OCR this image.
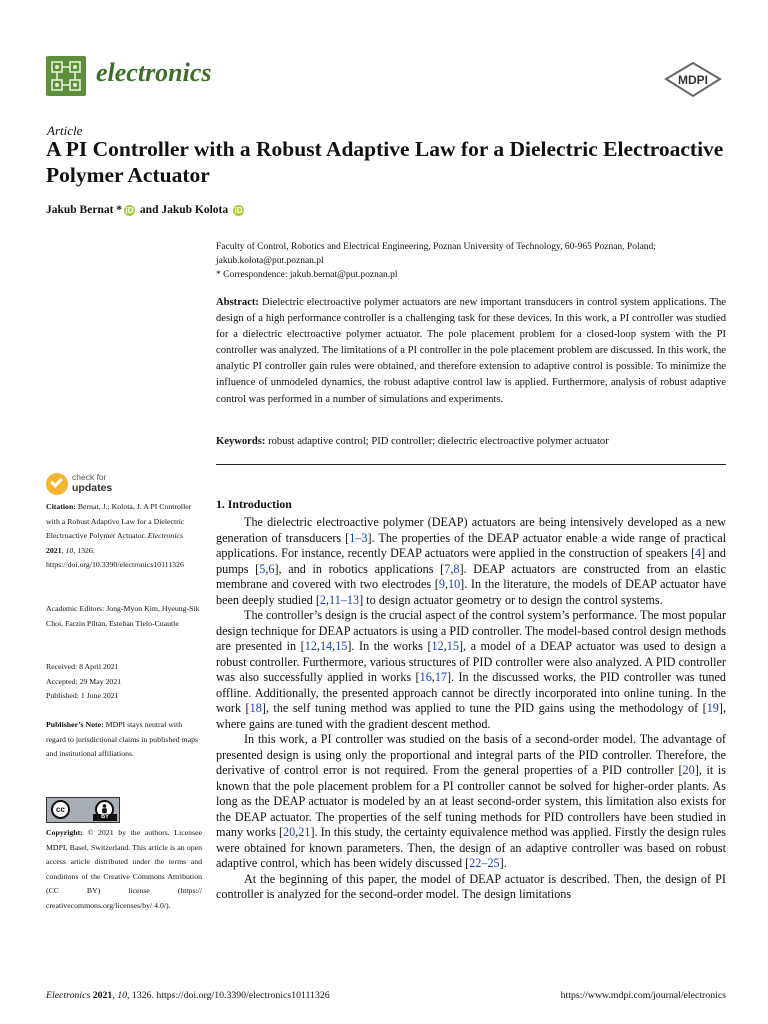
electronics	MDPI
Article
A PI Controller with a Robust Adaptive Law for a Dielectric Electroactive Polymer Actuator
Jakub Bernat * iD and Jakub Kolota iD
Faculty of Control, Robotics and Electrical Engineering, Poznan University of Technology, 60-965 Poznan, Poland;
jakub.kolota@put.poznan.pl
* Correspondence: jakub.bernat@put.poznan.pl
Abstract: Dielectric electroactive polymer actuators are new important transducers in control system applications. The design of a high performance controller is a challenging task for these devices. In this work, a PI controller was studied for a dielectric electroactive polymer actuator. The pole placement problem for a closed-loop system with the PI controller was analyzed. The limitations of a PI controller in the pole placement problem are discussed. In this work, the analytic PI controller gain rules were obtained, and therefore extension to adaptive control is possible. To minimize the influence of unmodeled dynamics, the robust adaptive control law is applied. Furthermore, analysis of robust adaptive control was performed in a number of simulations and experiments.
Keywords: robust adaptive control; PID controller; dielectric electroactive polymer actuator
check for
updates
Citation: Bernat, J.; Kolota, J. A PI Controller with a Robust Adaptive Law for a Dielectric Electroactive Polymer Actuator. Electronics 2021, 10, 1326. https://doi.org/10.3390/electronics10111326
Academic Editors: Jong-Myon Kim, Hyeung-Sik Choi, Farzin Piltan, Esteban Tlelo-Cuautle
Received: 8 April 2021
Accepted: 29 May 2021
Published: 1 June 2021
Publisher’s Note: MDPI stays neutral with regard to jurisdictional claims in published maps and institutional affiliations.
cc
BY
Copyright: © 2021 by the authors. Licensee MDPI, Basel, Switzerland. This article is an open access article distributed under the terms and conditions of the Creative Commons Attribution (CC BY) license (https:// creativecommons.org/licenses/by/ 4.0/).
1. Introduction

The dielectric electroactive polymer (DEAP) actuators are being intensively developed as a new generation of transducers [1–3]. The properties of the DEAP actuator enable a wide range of practical applications. For instance, recently DEAP actuators were applied in the construction of speakers [4] and pumps [5,6], and in robotics applications [7,8]. DEAP actuators are constructed from an elastic membrane and covered with two electrodes [9,10]. In the literature, the models of DEAP actuator have been deeply studied [2,11–13] to design actuator geometry or to design the control systems.

The controller’s design is the crucial aspect of the control system’s performance. The most popular design technique for DEAP actuators is using a PID controller. The model-based control design methods are presented in [12,14,15]. In the works [12,15], a model of a DEAP actuator was used to design a robust controller. Furthermore, various structures of PID controller were also analyzed. A PID controller was also successfully applied in works [16,17]. In the discussed works, the PID controller was tuned offline. Additionally, the presented approach cannot be directly incorporated into online tuning. In the work [18], the self tuning method was applied to tune the PID gains using the methodology of [19], where gains are tuned with the gradient descent method.

In this work, a PI controller was studied on the basis of a second-order model. The advantage of presented design is using only the proportional and integral parts of the PID controller. Therefore, the derivative of control error is not required. From the general properties of a PID controller [20], it is known that the pole placement problem for a PI controller cannot be solved for higher-order plants. As long as the DEAP actuator is modeled by an at least second-order system, this limitation also exists for the DEAP actuator. The properties of the self tuning methods for PID controllers have been studied in many works [20,21]. In this study, the certainty equivalence method was applied. Firstly the design rules were obtained for known parameters. Then, the design of an adaptive controller was based on robust adaptive control, which has been widely discussed [22–25].

At the beginning of this paper, the model of DEAP actuator is described. Then, the design of PI controller is analyzed for the second-order model. The design limitations

Electronics 2021, 10, 1326. https://doi.org/10.3390/electronics10111326	https://www.mdpi.com/journal/electronics
